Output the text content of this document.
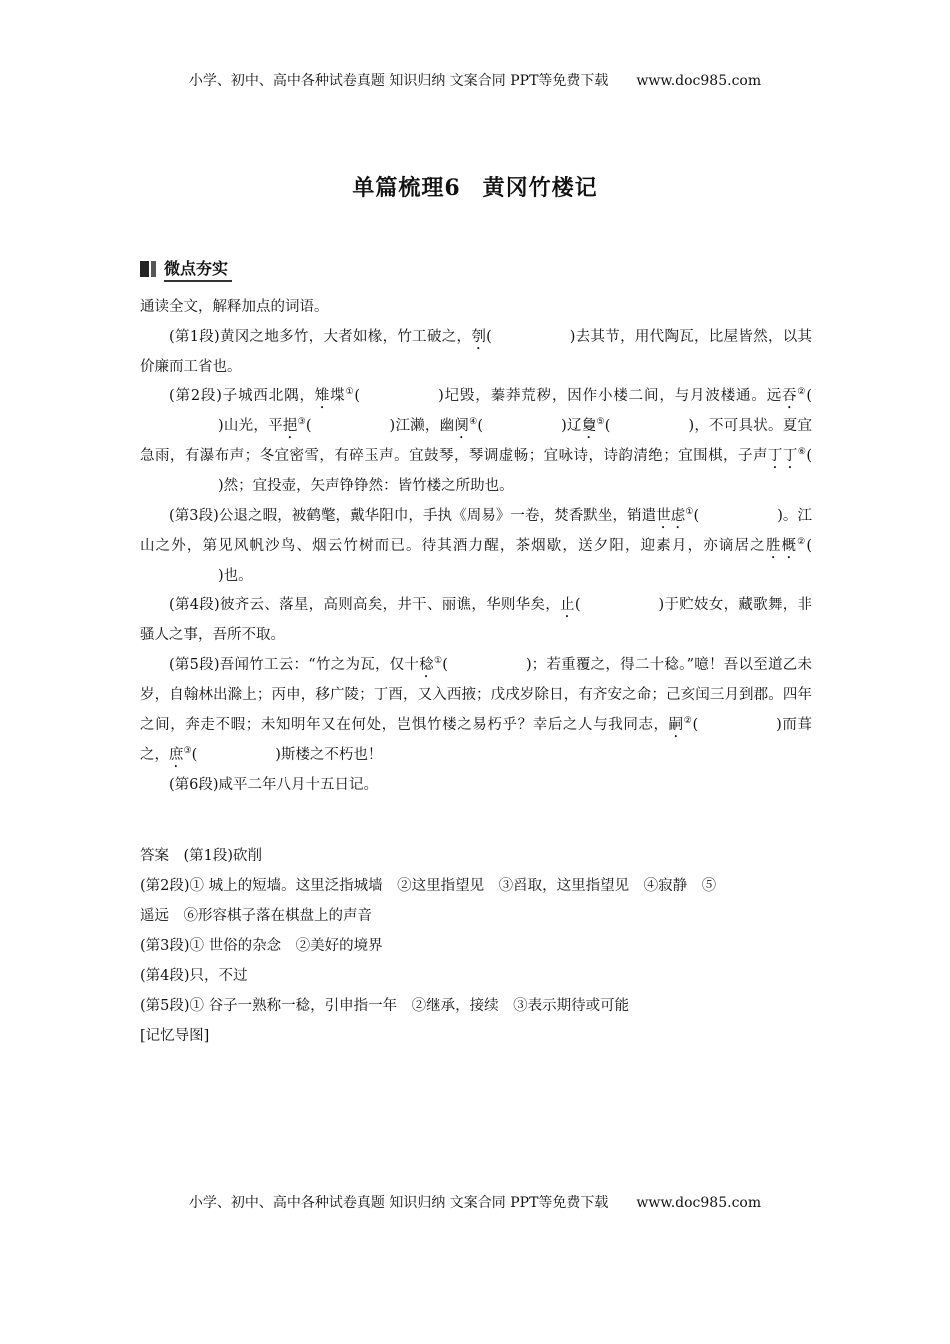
小学、初中、高中各种试卷真题 知识归纳 文案合同 PPT等免费下载 www.doc985.com
单篇梳理6 黄冈竹楼记
微点夯实

通读全文，解释加点的词语。

(第1段)黄冈之地多竹，大者如椽，竹工破之，刳(	)去其节，用代陶瓦，比屋皆然，以其价廉而工省也。

(第2段)子城西北隅，雉堞①(	)圮毁，蓁莽荒秽，因作小楼二间，与月波楼通。远吞②()山光，平挹③(	)江濑，幽阒④(	)辽敻⑤(	)，不可具状。夏宜急雨，有瀑布声；冬宜密雪，有碎玉声。宜鼓琴，琴调虚畅；宜咏诗，诗韵清绝；宜围棋，子声丁丁⑥()然；宜投壶，矢声铮铮然：皆竹楼之所助也。

(第3段)公退之暇，被鹤氅，戴华阳巾，手执《周易》一卷，焚香默坐，销遣世虑①(	)。江山之外，第见风帆沙鸟、烟云竹树而已。待其酒力醒，茶烟歇，送夕阳，迎素月，亦谪居之胜概②()也。

(第4段)彼齐云、落星，高则高矣，井干、丽谯，华则华矣，止(	)于贮妓女，藏歌舞，非骚人之事，吾所不取。

(第5段)吾闻竹工云：“竹之为瓦，仅十稔①(	)；若重覆之，得二十稔。”噫！吾以至道乙未岁，自翰林出滁上；丙申，移广陵；丁酉，又入西掖；戊戌岁除日，有齐安之命；己亥闰三月到郡。四年之间，奔走不暇；未知明年又在何处，岂惧竹楼之易朽乎？幸后之人与我同志，嗣②(	)而葺之，庶③(	)斯楼之不朽也！

(第6段)咸平二年八月十五日记。

答案　 (第1段)砍削

(第2段)① 城上的短墙。这里泛指城墙　②这里指望见　③舀取，这里指望见　④寂静　⑤

遥远　⑥形容棋子落在棋盘上的声音

(第3段)① 世俗的杂念　②美好的境界

(第4段)只，不过

(第5段)① 谷子一熟称一稔，引申指一年　②继承，接续　③表示期待或可能

[记忆导图]

小学、初中、高中各种试卷真题 知识归纳 文案合同 PPT等免费下载 www.doc985.com
